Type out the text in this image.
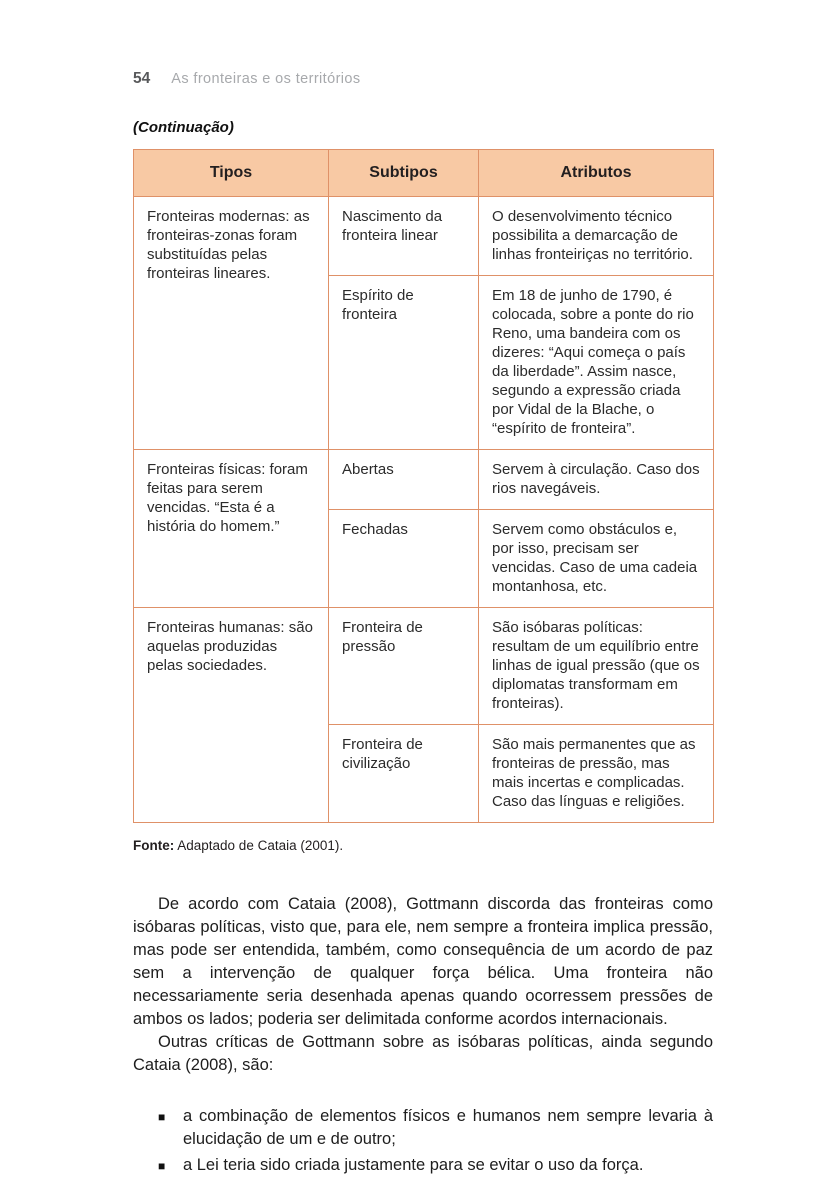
54 As fronteiras e os territórios
(Continuação)
Tipos	Subtipos	Atributos
Fronteiras modernas: as fronteiras-zonas foram substituídas pelas fronteiras lineares.	Nascimento da fronteira linear	O desenvolvimento técnico possibilita a demarcação de linhas fronteiriças no território.
	Espírito de fronteira	Em 18 de junho de 1790, é colocada, sobre a ponte do rio Reno, uma bandeira com os dizeres: “Aqui começa o país da liberdade”. Assim nasce, segundo a expressão criada por Vidal de la Blache, o “espírito de fronteira”.
Fronteiras físicas: foram feitas para serem vencidas. “Esta é a história do homem.”	Abertas	Servem à circulação. Caso dos rios navegáveis.
	Fechadas	Servem como obstáculos e, por isso, precisam ser vencidas. Caso de uma cadeia montanhosa, etc.
Fronteiras humanas: são aquelas produzidas pelas sociedades.	Fronteira de pressão	São isóbaras políticas: resultam de um equilíbrio entre linhas de igual pressão (que os diplomatas transformam em fronteiras).
	Fronteira de civilização	São mais permanentes que as fronteiras de pressão, mas mais incertas e complicadas. Caso das línguas e religiões.
Fonte: Adaptado de Cataia (2001).

De acordo com Cataia (2008), Gottmann discorda das fronteiras como isóbaras políticas, visto que, para ele, nem sempre a fronteira implica pressão, mas pode ser entendida, também, como consequência de um acordo de paz sem a intervenção de qualquer força bélica. Uma fronteira não necessariamente seria desenhada apenas quando ocorressem pressões de ambos os lados; poderia ser delimitada conforme acordos internacionais.

Outras críticas de Gottmann sobre as isóbaras políticas, ainda segundo Cataia (2008), são:

■ a combinação de elementos físicos e humanos nem sempre levaria à elucidação de um e de outro;
■ a Lei teria sido criada justamente para se evitar o uso da força.
